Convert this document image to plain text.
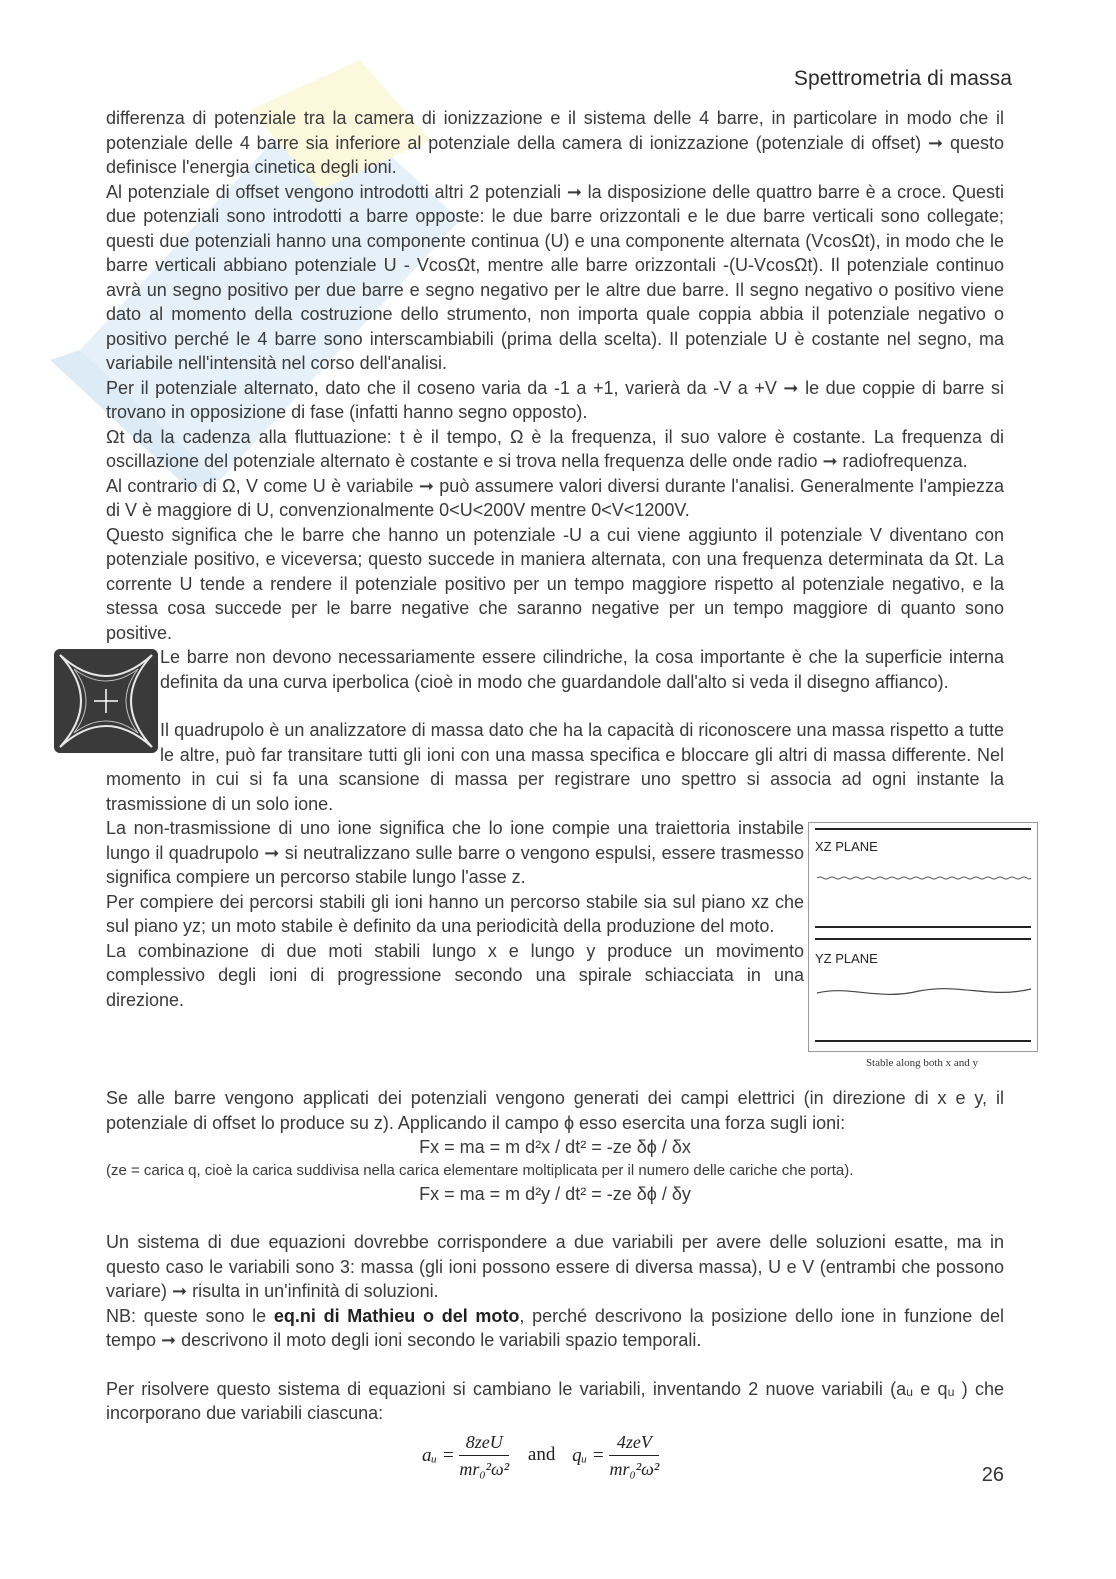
Spettrometria di massa

differenza di potenziale tra la camera di ionizzazione e il sistema delle 4 barre, in particolare in modo che il potenziale delle 4 barre sia inferiore al potenziale della camera di ionizzazione (potenziale di offset) ➞ questo definisce l'energia cinetica degli ioni.

Al potenziale di offset vengono introdotti altri 2 potenziali ➞ la disposizione delle quattro barre è a croce. Questi due potenziali sono introdotti a barre opposte: le due barre orizzontali e le due barre verticali sono collegate; questi due potenziali hanno una componente continua (U) e una componente alternata (VcosΩt), in modo che le barre verticali abbiano potenziale U - VcosΩt, mentre alle barre orizzontali -(U-VcosΩt). Il potenziale continuo avrà un segno positivo per due barre e segno negativo per le altre due barre. Il segno negativo o positivo viene dato al momento della costruzione dello strumento, non importa quale coppia abbia il potenziale negativo o positivo perché le 4 barre sono interscambiabili (prima della scelta). Il potenziale U è costante nel segno, ma variabile nell'intensità nel corso dell'analisi.

Per il potenziale alternato, dato che il coseno varia da -1 a +1, varierà da -V a +V ➞ le due coppie di barre si trovano in opposizione di fase (infatti hanno segno opposto).

Ωt da la cadenza alla fluttuazione: t è il tempo, Ω è la frequenza, il suo valore è costante. La frequenza di oscillazione del potenziale alternato è costante e si trova nella frequenza delle onde radio ➞ radiofrequenza.

Al contrario di Ω, V come U è variabile ➞ può assumere valori diversi durante l'analisi. Generalmente l'ampiezza di V è maggiore di U, convenzionalmente 0<U<200V mentre 0<V<1200V.

Questo significa che le barre che hanno un potenziale -U a cui viene aggiunto il potenziale V diventano con potenziale positivo, e viceversa; questo succede in maniera alternata, con una frequenza determinata da Ωt. La corrente U tende a rendere il potenziale positivo per un tempo maggiore rispetto al potenziale negativo, e la stessa cosa succede per le barre negative che saranno negative per un tempo maggiore di quanto sono positive.

Le barre non devono necessariamente essere cilindriche, la cosa importante è che la superficie interna definita da una curva iperbolica (cioè in modo che guardandole dall'alto si veda il disegno affianco).

Il quadrupolo è un analizzatore di massa dato che ha la capacità di riconoscere una massa rispetto a tutte le altre, può far transitare tutti gli ioni con una massa specifica e bloccare gli altri di massa differente. Nel momento in cui si fa una scansione di massa per registrare uno spettro si associa ad ogni instante la trasmissione di un solo ione.

XZ PLANE
YZ PLANE
Stable along both x and y

La non-trasmissione di uno ione significa che lo ione compie una traiettoria instabile lungo il quadrupolo ➞ si neutralizzano sulle barre o vengono espulsi, essere trasmesso significa compiere un percorso stabile lungo l'asse z.

Per compiere dei percorsi stabili gli ioni hanno un percorso stabile sia sul piano xz che sul piano yz; un moto stabile è definito da una periodicità della produzione del moto.

La combinazione di due moti stabili lungo x e lungo y produce un movimento complessivo degli ioni di progressione secondo una spirale schiacciata in una direzione.

Se alle barre vengono applicati dei potenziali vengono generati dei campi elettrici (in direzione di x e y, il potenziale di offset lo produce su z). Applicando il campo ϕ esso esercita una forza sugli ioni:

Fx = ma = m d²x / dt² = -ze δϕ / δx

(ze = carica q, cioè la carica suddivisa nella carica elementare moltiplicata per il numero delle cariche che porta).

Fx = ma = m d²y / dt² = -ze δϕ / δy

Un sistema di due equazioni dovrebbe corrispondere a due variabili per avere delle soluzioni esatte, ma in questo caso le variabili sono 3: massa (gli ioni possono essere di diversa massa), U e V (entrambi che possono variare) ➞ risulta in un'infinità di soluzioni.

NB: queste sono le eq.ni di Mathieu o del moto, perché descrivono la posizione dello ione in funzione del tempo ➞ descrivono il moto degli ioni secondo le variabili spazio temporali.

Per risolvere questo sistema di equazioni si cambiano le variabili, inventando 2 nuove variabili (aᵤ e qᵤ ) che incorporano due variabili ciascuna:

aᵤ = $\frac{\text{8zeU}}{\text{mr₀²ω²}}$ and qᵤ = $\frac{\text{4zeV}}{\text{mr₀²ω²}}$	26
